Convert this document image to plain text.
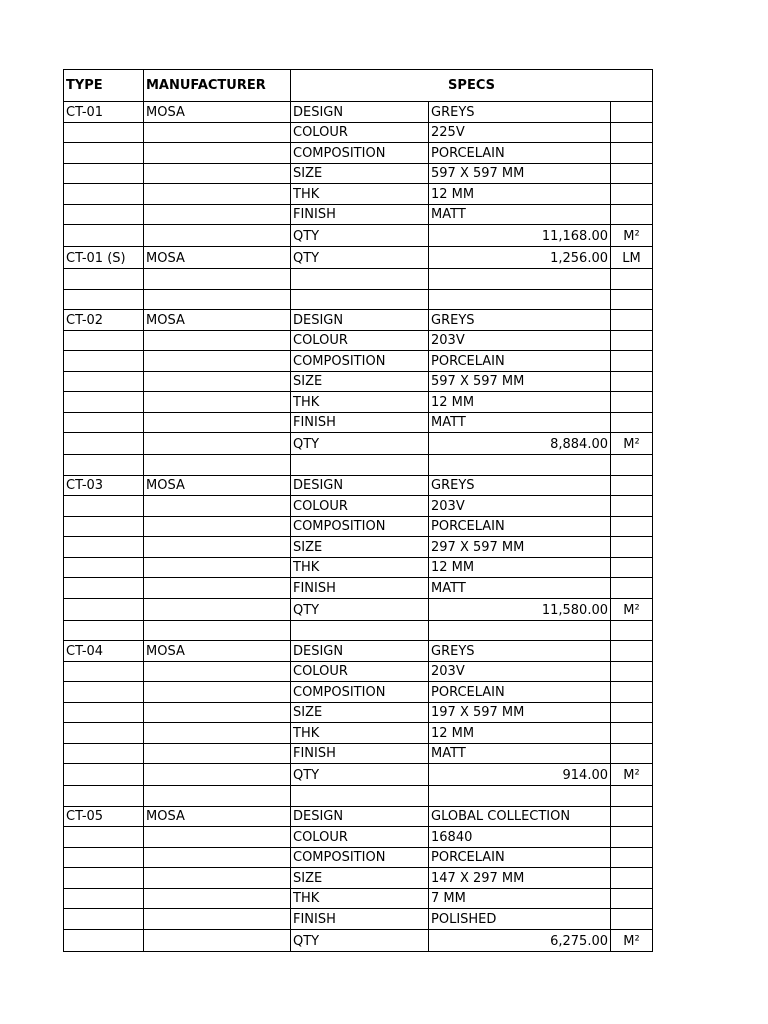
TYPE	MANUFACTURER	SPECS		
CT-01	MOSA	DESIGN	GREYS	
		COLOUR	225V	
		COMPOSITION	PORCELAIN	
		SIZE	597 X 597 MM	
		THK	12 MM	
		FINISH	MATT	
		QTY	11,168.00	M²
CT-01 (S)	MOSA	QTY	1,256.00	LM

CT-02	MOSA	DESIGN	GREYS	
		COLOUR	203V	
		COMPOSITION	PORCELAIN	
		SIZE	597 X 597 MM	
		THK	12 MM	
		FINISH	MATT	
		QTY	8,884.00	M²

CT-03	MOSA	DESIGN	GREYS	
		COLOUR	203V	
		COMPOSITION	PORCELAIN	
		SIZE	297 X 597 MM	
		THK	12 MM	
		FINISH	MATT	
		QTY	11,580.00	M²

CT-04	MOSA	DESIGN	GREYS	
		COLOUR	203V	
		COMPOSITION	PORCELAIN	
		SIZE	197 X 597 MM	
		THK	12 MM	
		FINISH	MATT	
		QTY	914.00	M²

CT-05	MOSA	DESIGN	GLOBAL COLLECTION	
		COLOUR	16840	
		COMPOSITION	PORCELAIN	
		SIZE	147 X 297 MM	
		THK	7 MM	
		FINISH	POLISHED	
		QTY	6,275.00	M²
